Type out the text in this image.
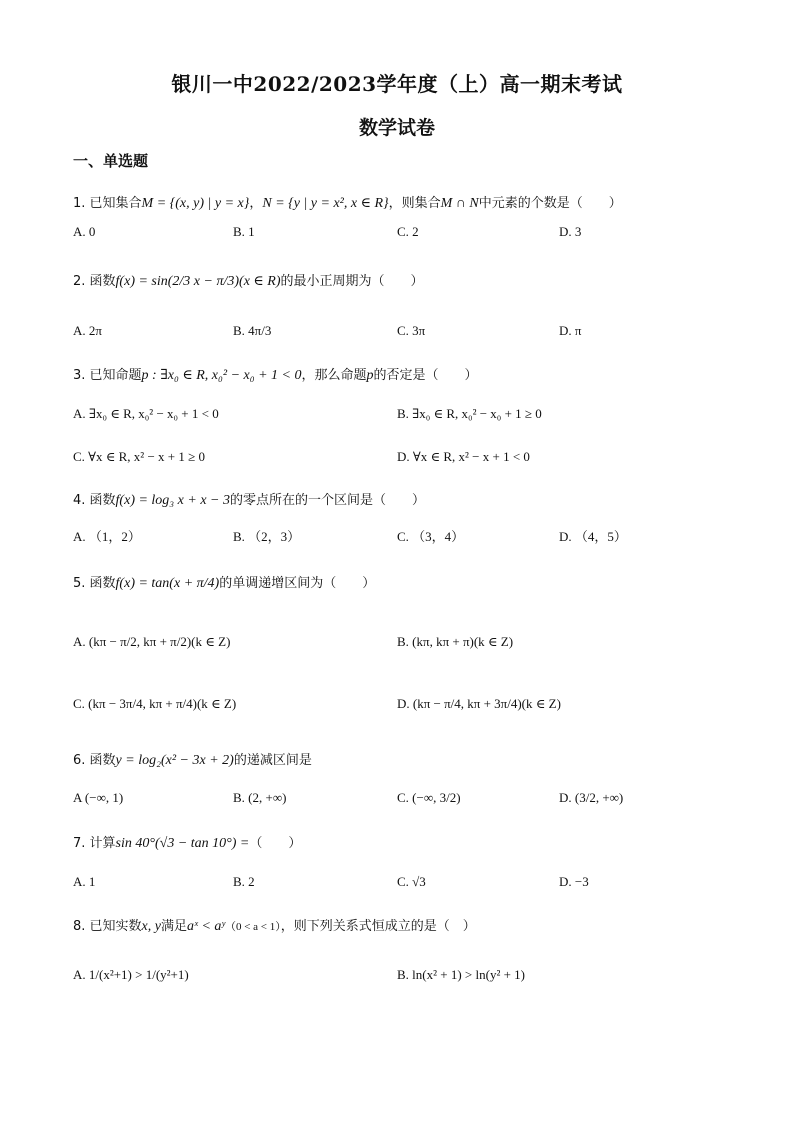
银川一中2022/2023学年度（上）高一期末考试
数学试卷
一、单选题
1. 已知集合M = {(x, y) | y = x}，N = {y | y = x², x ∈ R}，则集合M ∩ N中元素的个数是（　　）
A. 0	B. 1	C. 2	D. 3
2. 函数f(x) = sin(2/3 x − π/3)(x ∈ R)的最小正周期为（　　）
A. 2π	B. 4π/3	C. 3π	D. π
3. 已知命题p : ∃x₀ ∈ R, x₀² − x₀ + 1 < 0，那么命题p的否定是（　　）
A. ∃x₀ ∈ R, x₀² − x₀ + 1 < 0	B. ∃x₀ ∈ R, x₀² − x₀ + 1 ≥ 0
C. ∀x ∈ R, x² − x + 1 ≥ 0	D. ∀x ∈ R, x² − x + 1 < 0
4. 函数f(x) = log₃ x + x − 3的零点所在的一个区间是（　　）
A. （1，2）	B. （2，3）	C. （3，4）	D. （4，5）
5. 函数f(x) = tan(x + π/4)的单调递增区间为（　　）
A. (kπ − π/2, kπ + π/2)(k ∈ Z)	B. (kπ, kπ + π)(k ∈ Z)
C. (kπ − 3π/4, kπ + π/4)(k ∈ Z)	D. (kπ − π/4, kπ + 3π/4)(k ∈ Z)
6. 函数y = log₂(x² − 3x + 2)的递减区间是
A (−∞, 1)	B. (2, +∞)	C. (−∞, 3/2)	D. (3/2, +∞)
7. 计算sin 40°(√3 − tan 10°) =（　　）
A. 1	B. 2	C. √3	D. −3
8. 已知实数x, y满足aˣ < aʸ（0 < a < 1），则下列关系式恒成立的是（　）
A. 1/(x²+1) > 1/(y²+1)	B. ln(x² + 1) > ln(y² + 1)
